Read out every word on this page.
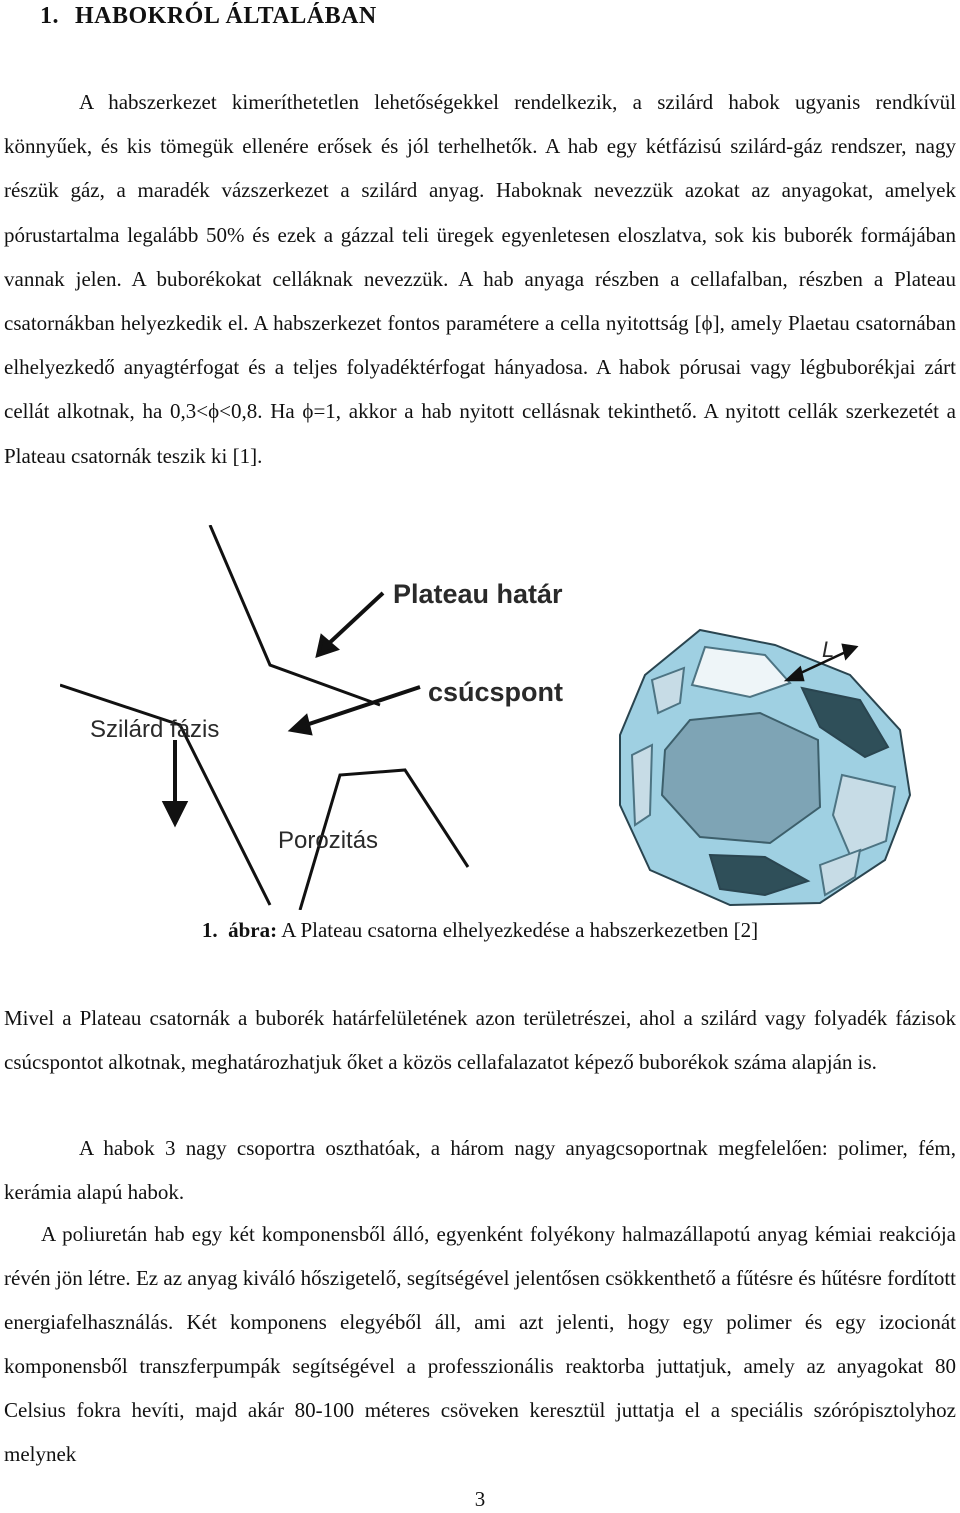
1. HABOKRÓL ÁLTALÁBAN

A habszerkezet kimeríthetetlen lehetőségekkel rendelkezik, a szilárd habok ugyanis rendkívül könnyűek, és kis tömegük ellenére erősek és jól terhelhetők. A hab egy kétfázisú szilárd-gáz rendszer, nagy részük gáz, a maradék vázszerkezet a szilárd anyag. Haboknak nevezzük azokat az anyagokat, amelyek pórustartalma legalább 50% és ezek a gázzal teli üregek egyenletesen eloszlatva, sok kis buborék formájában vannak jelen. A buborékokat celláknak nevezzük. A hab anyaga részben a cellafalban, részben a Plateau csatornákban helyezkedik el. A habszerkezet fontos paramétere a cella nyitottság [ϕ], amely Plaetau csatornában elhelyezkedő anyagtérfogat és a teljes folyadéktérfogat hányadosa. A habok pórusai vagy légbuborékjai zárt cellát alkotnak, ha 0,3<ϕ<0,8. Ha ϕ=1, akkor a hab nyitott cellásnak tekinthető. A nyitott cellák szerkezetét a Plateau csatornák teszik ki [1].

Plateau határ
csúcspont
Szilárd fázis
Porozitás
L

1. ábra: A Plateau csatorna elhelyezkedése a habszerkezetben [2]

Mivel a Plateau csatornák a buborék határfelületének azon területrészei, ahol a szilárd vagy folyadék fázisok csúcspontot alkotnak, meghatározhatjuk őket a közös cellafalazatot képező buborékok száma alapján is.

A habok 3 nagy csoportra oszthatóak, a három nagy anyagcsoportnak megfelelően: polimer, fém, kerámia alapú habok.

A poliuretán hab egy két komponensből álló, egyenként folyékony halmazállapotú anyag kémiai reakciója révén jön létre. Ez az anyag kiváló hőszigetelő, segítségével jelentősen csökkenthető a fűtésre és hűtésre fordított energiafelhasználás. Két komponens elegyéből áll, ami azt jelenti, hogy egy polimer és egy izocionát komponensből transzferpumpák segítségével a professzionális reaktorba juttatjuk, amely az anyagokat 80 Celsius fokra hevíti, majd akár 80-100 méteres csöveken keresztül juttatja el a speciális szórópisztolyhoz melynek

3
